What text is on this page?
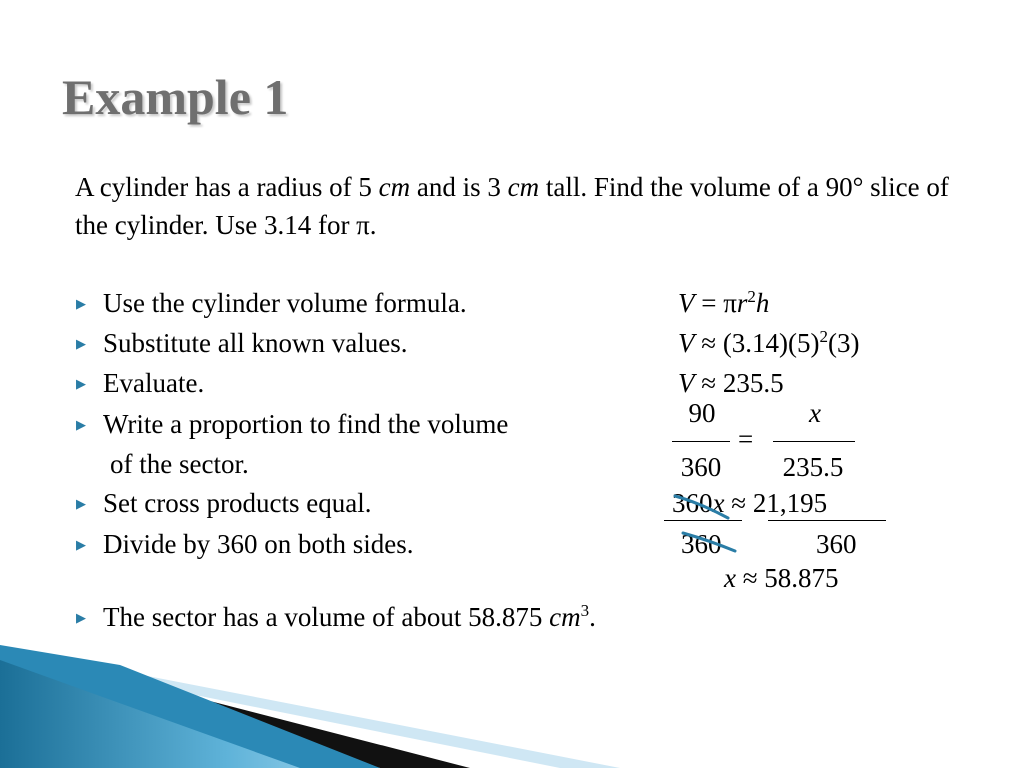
Example 1
A cylinder has a radius of 5 cm and is 3 cm tall. Find the volume of a 90° slice of the cylinder. Use 3.14 for π.
▶ Use the cylinder volume formula.
▶ Substitute all known values.
▶ Evaluate.
▶ Write a proportion to find the volume
of the sector.
▶ Set cross products equal.
▶ Divide by 360 on both sides.
▶ The sector has a volume of about 58.875 $cm^3$.
$V = \pi r^2h$
$V \approx (3.14)(5)^2(3)$
V ≈ 235.5
90	x
=
360	235.5
360x ≈ 21,195
360	360
x ≈ 58.875
